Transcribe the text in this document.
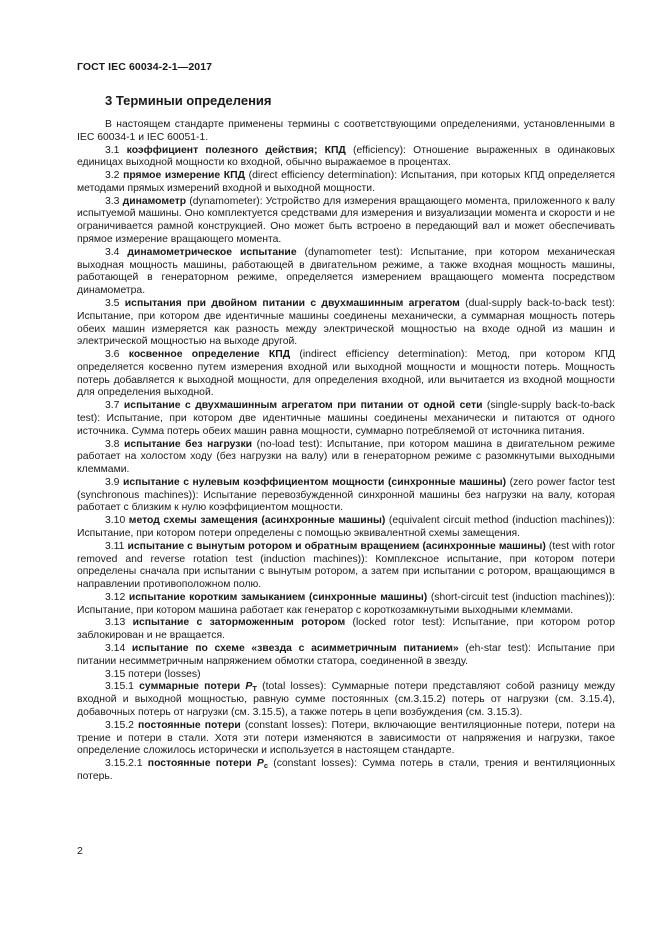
ГОСТ IEC 60034-2-1—2017
3 Терминыи определения

В настоящем стандарте применены термины с соответствующими определениями, установленными в IEC 60034-1 и IEC 60051-1.

3.1 коэффициент полезного действия; КПД (efficiency): Отношение выраженных в одинаковых единицах выходной мощности ко входной, обычно выражаемое в процентах.

3.2 прямое измерение КПД (direct efficiency determination): Испытания, при которых КПД определяется методами прямых измерений входной и выходной мощности.

3.3 динамометр (dynamometer): Устройство для измерения вращающего момента, приложенного к валу испытуемой машины. Оно комплектуется средствами для измерения и визуализации момента и скорости и не ограничивается рамной конструкцией. Оно может быть встроено в передающий вал и может обеспечивать прямое измерение вращающего момента.

3.4 динамометрическое испытание (dynamometer test): Испытание, при котором механическая выходная мощность машины, работающей в двигательном режиме, а также входная мощность машины, работающей в генераторном режиме, определяется измерением вращающего момента посредством динамометра.

3.5 испытания при двойном питании с двухмашинным агрегатом (dual-supply back-to-back test): Испытание, при котором две идентичные машины соединены механически, а суммарная мощность потерь обеих машин измеряется как разность между электрической мощностью на входе одной из машин и электрической мощностью на выходе другой.

3.6 косвенное определение КПД (indirect efficiency determination): Метод, при котором КПД определяется косвенно путем измерения входной или выходной мощности и мощности потерь. Мощность потерь добавляется к выходной мощности, для определения входной, или вычитается из входной мощности для определения выходной.

3.7 испытание с двухмашинным агрегатом при питании от одной сети (single-supply back-to-back test): Испытание, при котором две идентичные машины соединены механически и питаются от одного источника. Сумма потерь обеих машин равна мощности, суммарно потребляемой от источника питания.

3.8 испытание без нагрузки (no-load test): Испытание, при котором машина в двигательном режиме работает на холостом ходу (без нагрузки на валу) или в генераторном режиме с разомкнутыми выходными клеммами.

3.9 испытание с нулевым коэффициентом мощности (синхронные машины) (zero power factor test (synchronous machines)): Испытание перевозбужденной синхронной машины без нагрузки на валу, которая работает с близким к нулю коэффициентом мощности.

3.10 метод схемы замещения (асинхронные машины) (equivalent circuit method (induction machines)): Испытание, при котором потери определены с помощью эквивалентной схемы замещения.

3.11 испытание с вынутым ротором и обратным вращением (асинхронные машины) (test with rotor removed and reverse rotation test (induction machines)): Комплексное испытание, при котором потери определены сначала при испытании с вынутым ротором, а затем при испытании с ротором, вращающимся в направлении противоположном полю.

3.12 испытание коротким замыканием (синхронные машины) (short-circuit test (induction machines)): Испытание, при котором машина работает как генератор с короткозамкнутыми выходными клеммами.

3.13 испытание с заторможенным ротором (locked rotor test): Испытание, при котором ротор заблокирован и не вращается.

3.14 испытание по схеме «звезда с асимметричным питанием» (eh-star test): Испытание при питании несимметричным напряжением обмотки статора, соединенной в звезду.

3.15 потери (losses)

3.15.1 суммарные потери $P_T$ (total losses): Суммарные потери представляют собой разницу между входной и выходной мощностью, равную сумме постоянных (см.3.15.2) потерь от нагрузки (см. 3.15.4), добавочных потерь от нагрузки (см. 3.15.5), а также потерь в цепи возбуждения (см. 3.15.3).

3.15.2 постоянные потери (constant losses): Потери, включающие вентиляционные потери, потери на трение и потери в стали. Хотя эти потери изменяются в зависимости от напряжения и нагрузки, такое определение сложилось исторически и используется в настоящем стандарте.

3.15.2.1 постоянные потери $P_c$ (constant losses): Сумма потерь в стали, трения и вентиляционных потерь.

2
